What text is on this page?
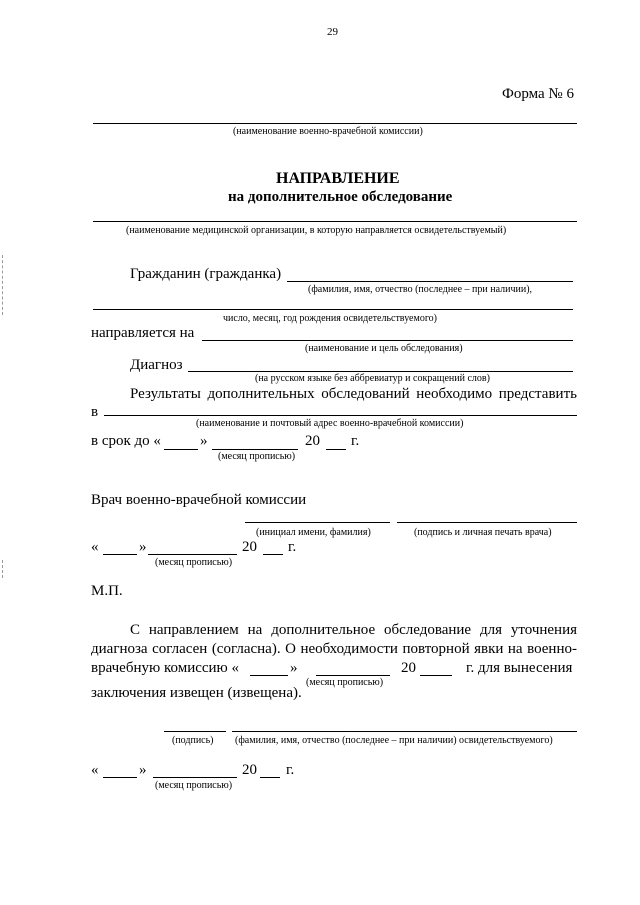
29
Форма № 6
(наименование военно-врачебной комиссии)
НАПРАВЛЕНИЕ
на дополнительное обследование
(наименование медицинской организации, в которую направляется освидетельствуемый)
Гражданин (гражданка)
(фамилия, имя, отчество (последнее – при наличии),
число, месяц, год рождения освидетельствуемого)
направляется на
(наименование и цель обследования)
Диагноз
(на русском языке без аббревиатур и сокращений слов)
Результаты дополнительных обследований необходимо представить
в
(наименование и почтовый адрес военно-врачебной комиссии)
в срок до «	»	20 г.
(месяц прописью)
Врач военно-врачебной комиссии
(инициал имени, фамилия)	(подпись и личная печать врача)
«	»	20 г.
(месяц прописью)
М.П.
С направлением на дополнительное обследование для уточнения
диагноза согласен (согласна). О необходимости повторной явки на военно-
врачебную комиссию «	»	20	г. для вынесения
(месяц прописью)
заключения извещен (извещена).
(подпись) (фамилия, имя, отчество (последнее – при наличии) освидетельствуемого)
«	»	20 г.
(месяц прописью)
